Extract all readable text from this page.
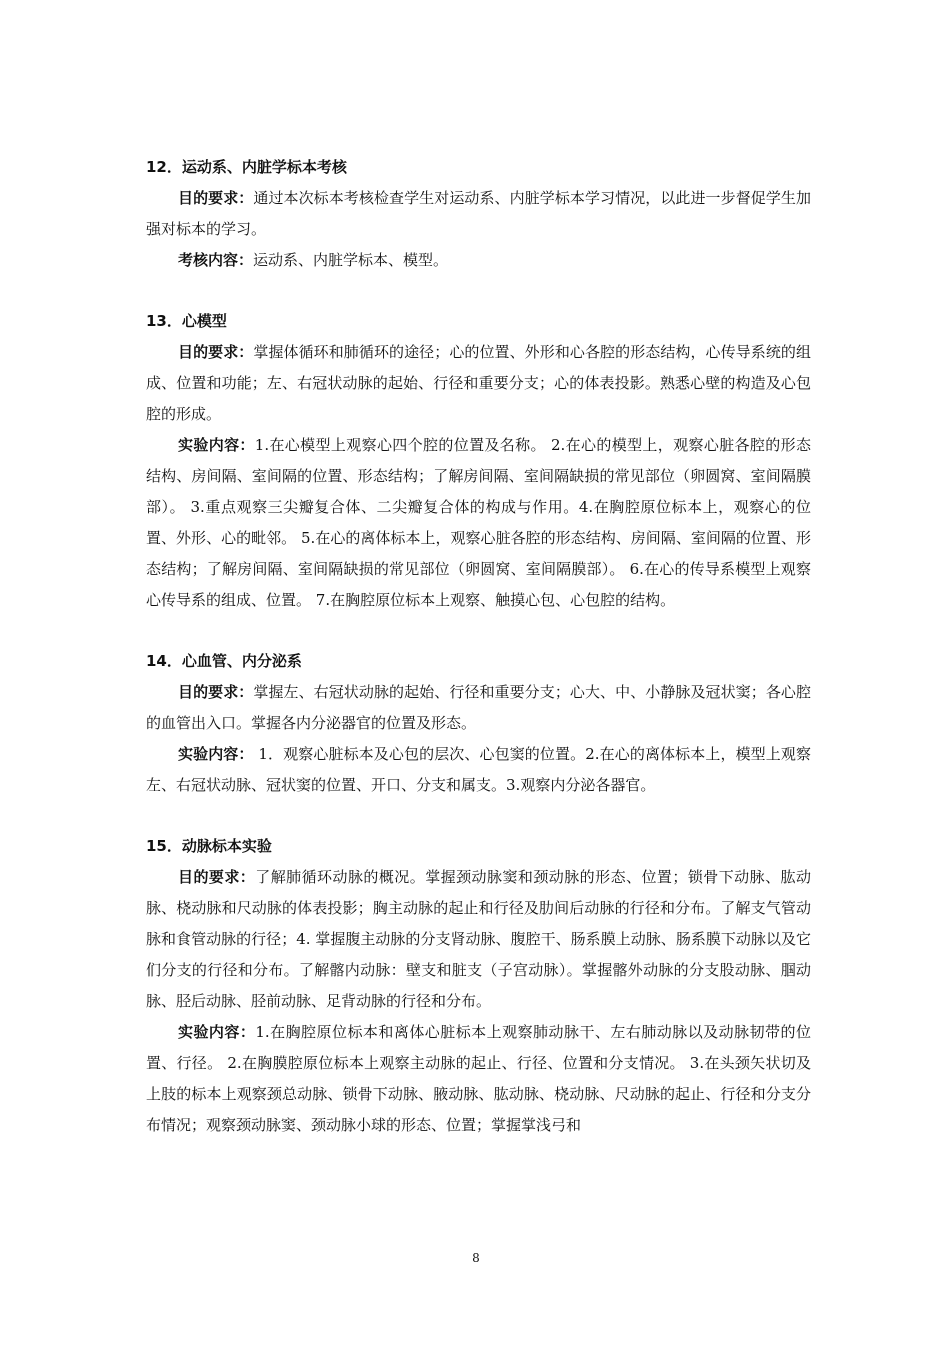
12．运动系、内脏学标本考核

目的要求：通过本次标本考核检查学生对运动系、内脏学标本学习情况，以此进一步督促学生加强对标本的学习。

考核内容：运动系、内脏学标本、模型。

13．心模型

目的要求：掌握体循环和肺循环的途径；心的位置、外形和心各腔的形态结构，心传导系统的组成、位置和功能；左、右冠状动脉的起始、行径和重要分支；心的体表投影。熟悉心壁的构造及心包腔的形成。

实验内容：1.在心模型上观察心四个腔的位置及名称。 2.在心的模型上，观察心脏各腔的形态结构、房间隔、室间隔的位置、形态结构；了解房间隔、室间隔缺损的常见部位（卵圆窝、室间隔膜部）。 3.重点观察三尖瓣复合体、二尖瓣复合体的构成与作用。4.在胸腔原位标本上，观察心的位置、外形、心的毗邻。 5.在心的离体标本上，观察心脏各腔的形态结构、房间隔、室间隔的位置、形态结构；了解房间隔、室间隔缺损的常见部位（卵圆窝、室间隔膜部）。 6.在心的传导系模型上观察心传导系的组成、位置。 7.在胸腔原位标本上观察、触摸心包、心包腔的结构。

14．心血管、内分泌系

目的要求：掌握左、右冠状动脉的起始、行径和重要分支；心大、中、小静脉及冠状窦；各心腔的血管出入口。掌握各内分泌器官的位置及形态。

实验内容： 1．观察心脏标本及心包的层次、心包窦的位置。2.在心的离体标本上，模型上观察左、右冠状动脉、冠状窦的位置、开口、分支和属支。3.观察内分泌各器官。

15．动脉标本实验

目的要求：了解肺循环动脉的概况。掌握颈动脉窦和颈动脉的形态、位置；锁骨下动脉、肱动脉、桡动脉和尺动脉的体表投影；胸主动脉的起止和行径及肋间后动脉的行径和分布。了解支气管动脉和食管动脉的行径；4. 掌握腹主动脉的分支肾动脉、腹腔干、肠系膜上动脉、肠系膜下动脉以及它们分支的行径和分布。了解髂内动脉：壁支和脏支（子宫动脉）。掌握髂外动脉的分支股动脉、腘动脉、胫后动脉、胫前动脉、足背动脉的行径和分布。

实验内容：1.在胸腔原位标本和离体心脏标本上观察肺动脉干、左右肺动脉以及动脉韧带的位置、行径。 2.在胸膜腔原位标本上观察主动脉的起止、行径、位置和分支情况。 3.在头颈矢状切及上肢的标本上观察颈总动脉、锁骨下动脉、腋动脉、肱动脉、桡动脉、尺动脉的起止、行径和分支分布情况；观察颈动脉窦、颈动脉小球的形态、位置；掌握掌浅弓和

8
